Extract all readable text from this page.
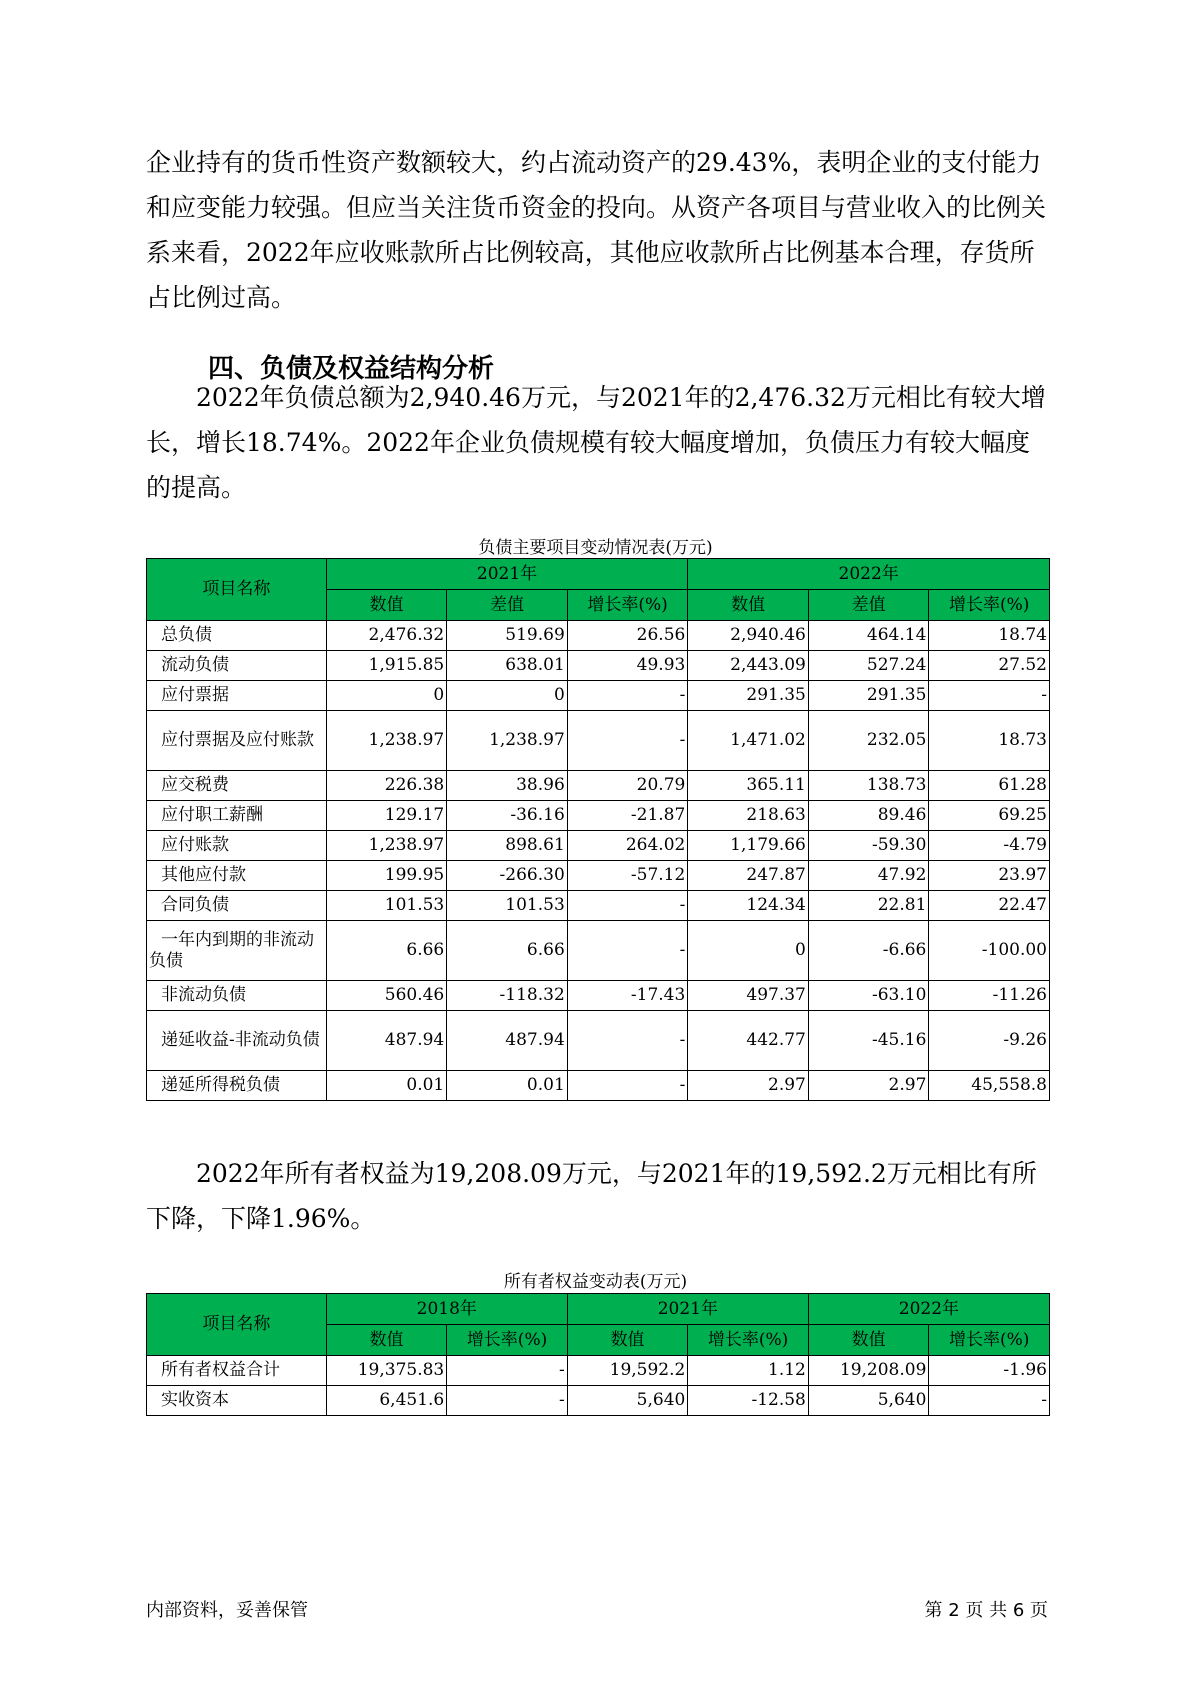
企业持有的货币性资产数额较大，约占流动资产的29.43%，表明企业的支付能力和应变能力较强。但应当关注货币资金的投向。从资产各项目与营业收入的比例关系来看，2022年应收账款所占比例较高，其他应收款所占比例基本合理，存货所占比例过高。

四、负债及权益结构分析

2022年负债总额为2,940.46万元，与2021年的2,476.32万元相比有较大增长，增长18.74%。2022年企业负债规模有较大幅度增加，负债压力有较大幅度的提高。

负债主要项目变动情况表(万元)
项目名称	2021年			2022年		
	数值	差值	增长率(%)	数值	差值	增长率(%)
总负债	2,476.32	519.69	26.56	2,940.46	464.14	18.74
流动负债	1,915.85	638.01	49.93	2,443.09	527.24	27.52
应付票据	0	0	-	291.35	291.35	-
应付票据及应付账款	1,238.97	1,238.97	-	1,471.02	232.05	18.73
应交税费	226.38	38.96	20.79	365.11	138.73	61.28
应付职工薪酬	129.17	-36.16	-21.87	218.63	89.46	69.25
应付账款	1,238.97	898.61	264.02	1,179.66	-59.30	-4.79
其他应付款	199.95	-266.30	-57.12	247.87	47.92	23.97
合同负债	101.53	101.53	-	124.34	22.81	22.47
一年内到期的非流动负债	6.66	6.66	-	0	-6.66	-100.00
非流动负债	560.46	-118.32	-17.43	497.37	-63.10	-11.26
递延收益-非流动负债	487.94	487.94	-	442.77	-45.16	-9.26
递延所得税负债	0.01	0.01	-	2.97	2.97	45,558.8

2022年所有者权益为19,208.09万元，与2021年的19,592.2万元相比有所下降，下降1.96%。

所有者权益变动表(万元)
项目名称	2018年		2021年		2022年	
	数值	增长率(%)	数值	增长率(%)	数值	增长率(%)
所有者权益合计	19,375.83	-	19,592.2	1.12	19,208.09	-1.96
实收资本	6,451.6	-	5,640	-12.58	5,640	-
内部资料，妥善保管	第 2 页 共 6 页
